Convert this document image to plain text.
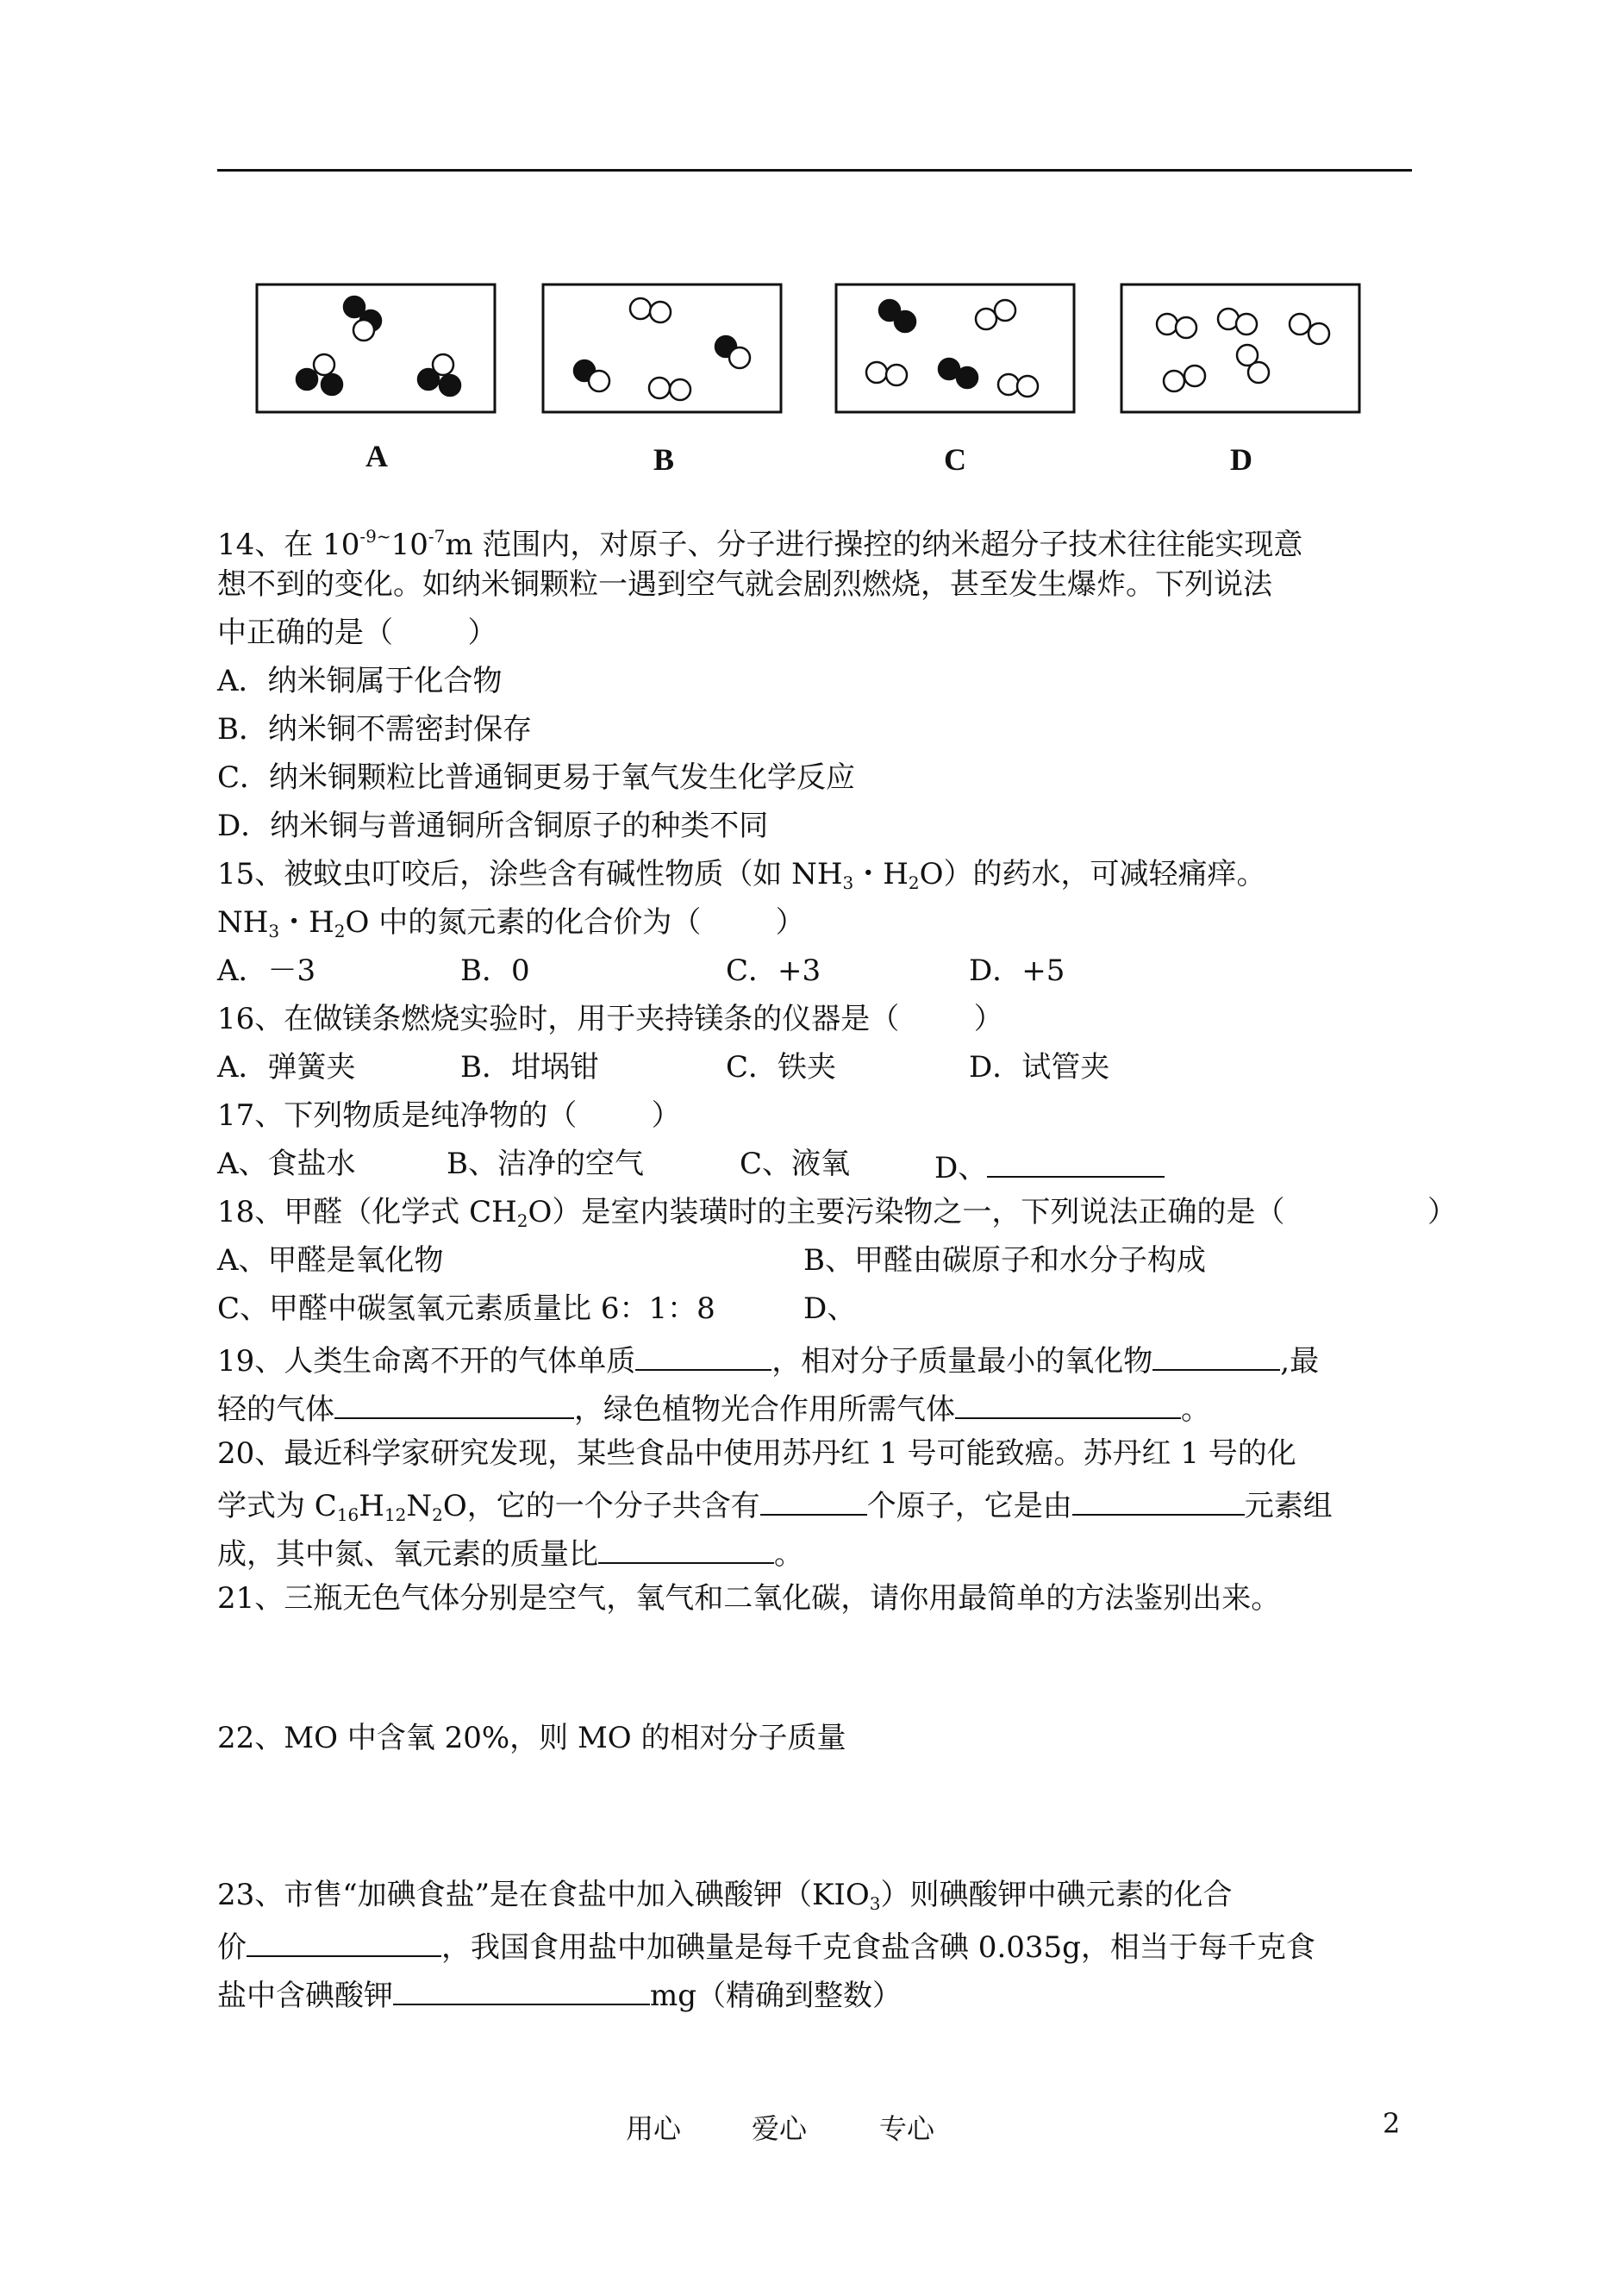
A	B	C	D
14、在 $10^{-9\sim}10^{-7}m$ 范围内，对原子、分子进行操控的纳米超分子技术往往能实现意
想不到的变化。如纳米铜颗粒一遇到空气就会剧烈燃烧，甚至发生爆炸。下列说法
中正确的是（        ）
A．纳米铜属于化合物
B．纳米铜不需密封保存
C．纳米铜颗粒比普通铜更易于氧气发生化学反应
D．纳米铜与普通铜所含铜原子的种类不同
15、被蚊虫叮咬后，涂些含有碱性物质（如 $NH_3$・$H_2O$）的药水，可减轻痛痒。
$NH_3$・$H_2O$ 中的氮元素的化合价为（        ）
A．－3	B．0	C．+3	D．+5
16、在做镁条燃烧实验时，用于夹持镁条的仪器是（        ）
A．弹簧夹	B．坩埚钳	C．铁夹	D．试管夹
17、下列物质是纯净物的（        ）
A、食盐水	B、洁净的空气	C、液氧	D、
18、甲醛（化学式 $CH_2O$）是室内装璜时的主要污染物之一，下列说法正确的是（	）
A、甲醛是氧化物	B、甲醛由碳原子和水分子构成
C、甲醛中碳氢氧元素质量比 6：1：8	D、
19、人类生命离不开的气体单质	，相对分子质量最小的氧化物	,最
轻的气体	，绿色植物光合作用所需气体	。
20、最近科学家研究发现，某些食品中使用苏丹红 1 号可能致癌。苏丹红 1 号的化
学式为 $C_{16}H_{12}N_2O$，它的一个分子共含有	个原子，它是由	元素组
成，其中氮、氧元素的质量比	。
21、三瓶无色气体分别是空气，氧气和二氧化碳，请你用最简单的方法鉴别出来。
22、MO 中含氧 20%，则 MO 的相对分子质量
23、市售“加碘食盐”是在食盐中加入碘酸钾$(KIO_3)$则碘酸钾中碘元素的化合
价	，我国食用盐中加碘量是每千克食盐含碘 0.035g，相当于每千克食
盐中含碘酸钾	mg（精确到整数）
用心	爱心	专心	2
